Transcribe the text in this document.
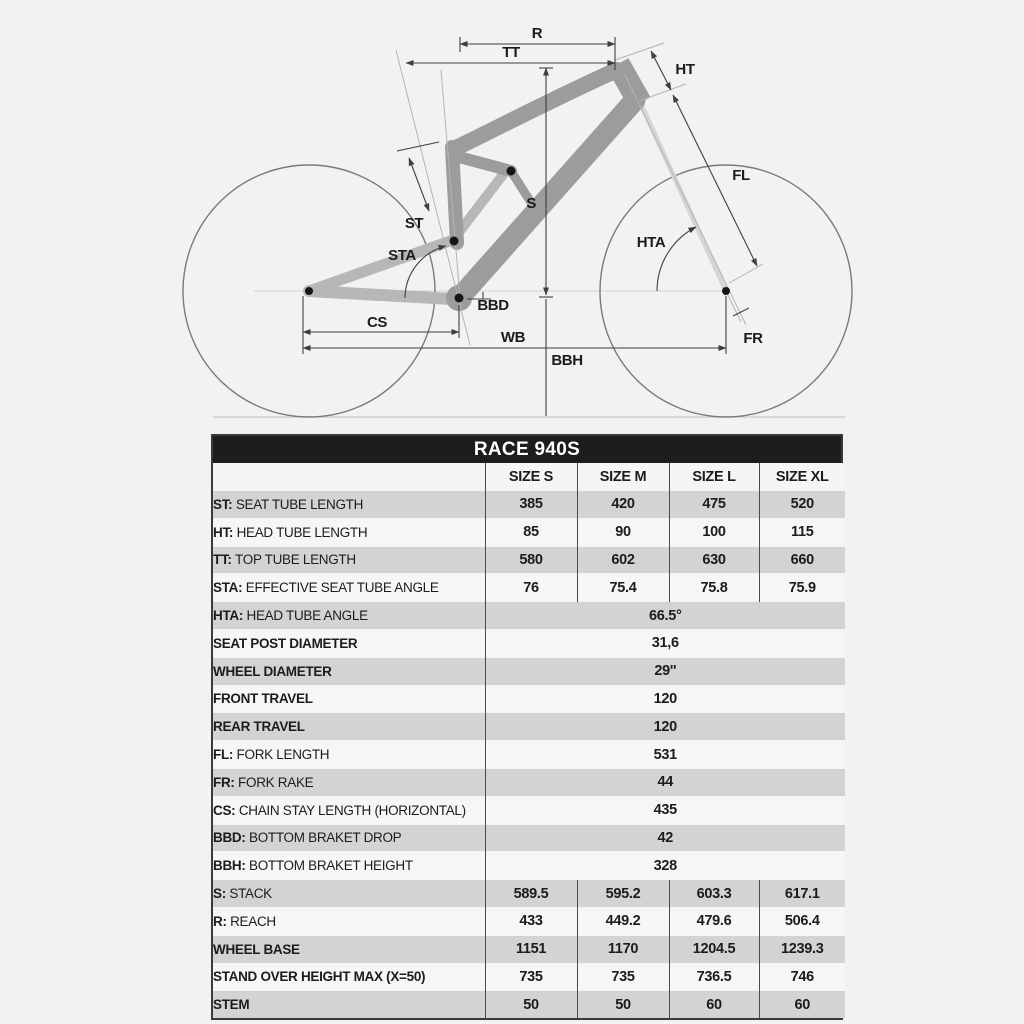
R
TT
HT
FL
S
ST
STA
HTA
BBD
CS
WB
BBH
FR
RACE 940S
	SIZE S	SIZE M	SIZE L	SIZE XL
ST: SEAT TUBE LENGTH	385	420	475	520
HT: HEAD TUBE LENGTH	85	90	100	115
TT: TOP TUBE LENGTH	580	602	630	660
STA: EFFECTIVE SEAT TUBE ANGLE	76	75.4	75.8	75.9
HTA: HEAD TUBE ANGLE	66.5°			
SEAT POST DIAMETER	31,6			
WHEEL DIAMETER	29''			
FRONT TRAVEL	120			
REAR TRAVEL	120			
FL: FORK LENGTH	531			
FR: FORK RAKE	44			
CS: CHAIN STAY LENGTH (HORIZONTAL)	435			
BBD: BOTTOM BRAKET DROP	42			
BBH: BOTTOM BRAKET HEIGHT	328			
S: STACK	589.5	595.2	603.3	617.1
R: REACH	433	449.2	479.6	506.4
WHEEL BASE	1151	1170	1204.5	1239.3
STAND OVER HEIGHT MAX (X=50)	735	735	736.5	746
STEM	50	50	60	60
